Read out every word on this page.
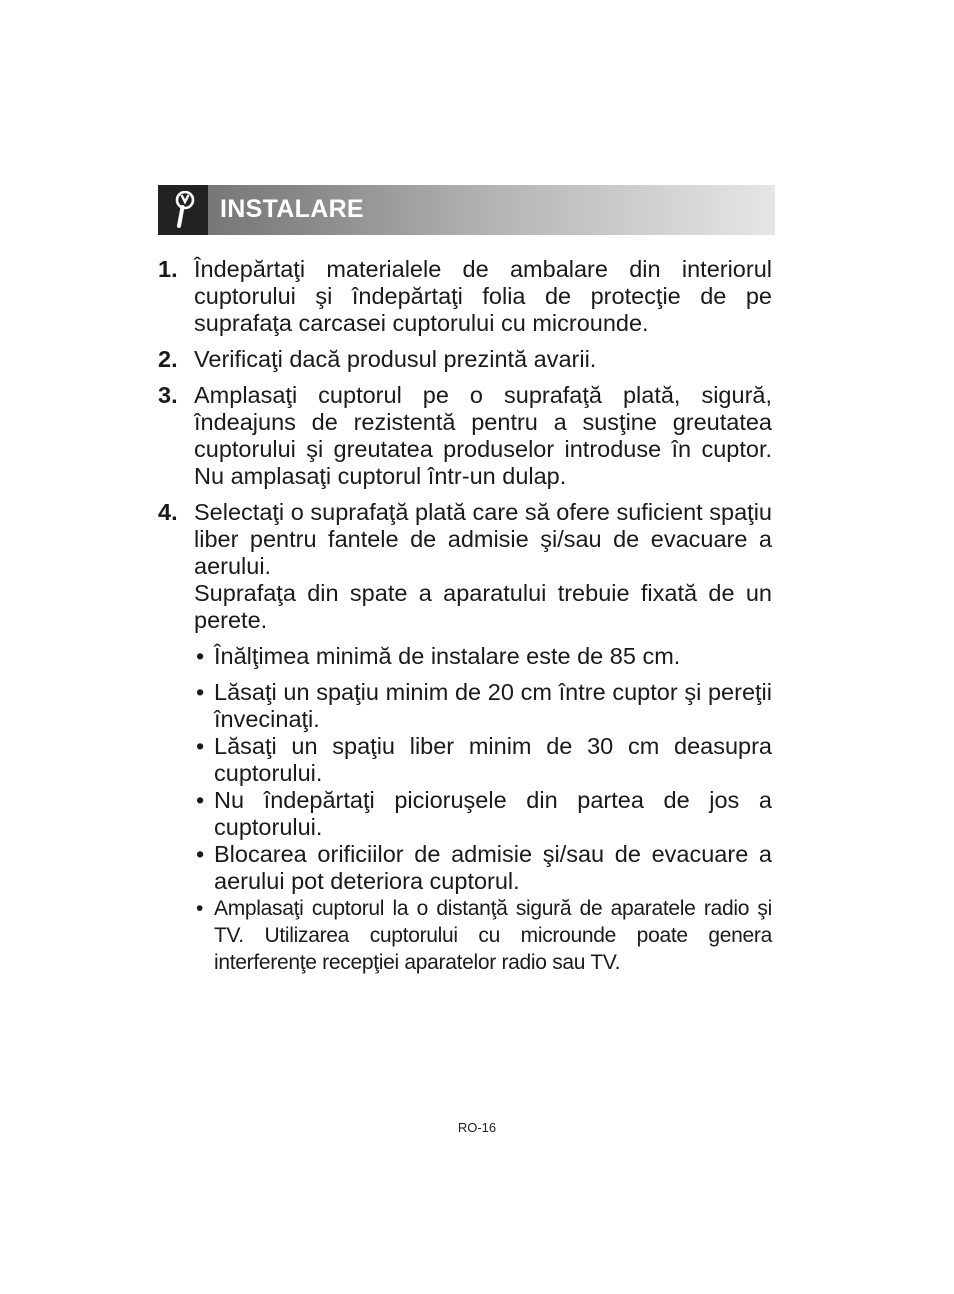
INSTALARE
1. Îndepărtaţi materialele de ambalare din interiorul cuptorului şi îndepărtaţi folia de protecţie de pe suprafaţa carcasei cuptorului cu microunde.
2. Verificaţi dacă produsul prezintă avarii.
3. Amplasaţi cuptorul pe o suprafaţă plată, sigură, îndeajuns de rezistentă pentru a susţine greutatea cuptorului şi greutatea produselor introduse în cuptor. Nu amplasaţi cuptorul într-un dulap.
4. Selectaţi o suprafaţă plată care să ofere suficient spaţiu liber pentru fantele de admisie şi/sau de evacuare a aerului.
Suprafaţa din spate a aparatului trebuie fixată de un perete.
• Înălţimea minimă de instalare este de 85 cm.
• Lăsaţi un spaţiu minim de 20 cm între cuptor şi pereţii învecinaţi.
• Lăsaţi un spaţiu liber minim de 30 cm deasupra cuptorului.
• Nu îndepărtaţi picioruşele din partea de jos a cuptorului.
• Blocarea orificiilor de admisie şi/sau de evacuare a aerului pot deteriora cuptorul.
• Amplasaţi cuptorul la o distanţă sigură de aparatele radio şi TV. Utilizarea cuptorului cu microunde poate genera interferenţe recepţiei aparatelor radio sau TV.
RO-16
